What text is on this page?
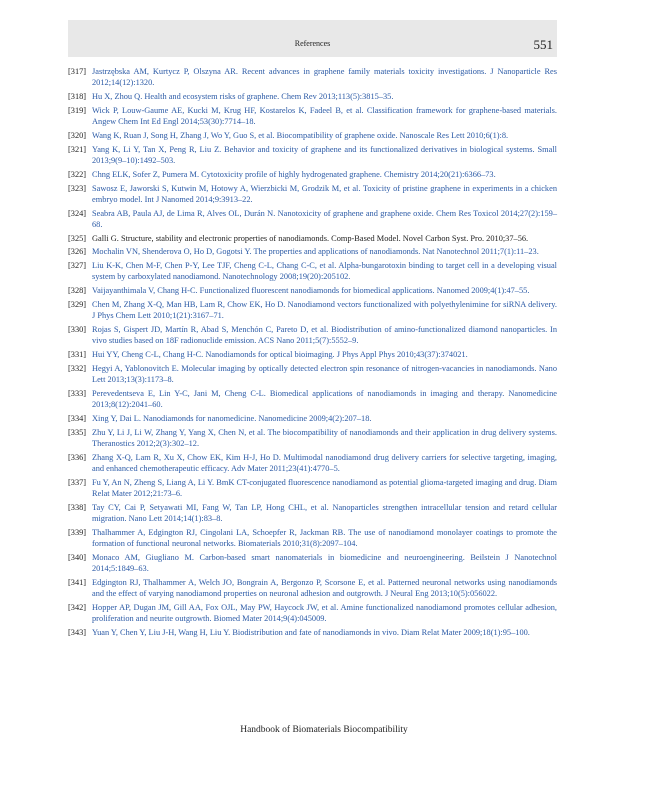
References	551
[317] Jastrzębska AM, Kurtycz P, Olszyna AR. Recent advances in graphene family materials toxicity investigations. J Nanoparticle Res 2012;14(12):1320.
[318] Hu X, Zhou Q. Health and ecosystem risks of graphene. Chem Rev 2013;113(5):3815–35.
[319] Wick P, Louw-Gaume AE, Kucki M, Krug HF, Kostarelos K, Fadeel B, et al. Classification framework for graphene-based materials. Angew Chem Int Ed Engl 2014;53(30):7714–18.
[320] Wang K, Ruan J, Song H, Zhang J, Wo Y, Guo S, et al. Biocompatibility of graphene oxide. Nanoscale Res Lett 2010;6(1):8.
[321] Yang K, Li Y, Tan X, Peng R, Liu Z. Behavior and toxicity of graphene and its functionalized derivatives in biological systems. Small 2013;9(9–10):1492–503.
[322] Chng ELK, Sofer Z, Pumera M. Cytotoxicity profile of highly hydrogenated graphene. Chemistry 2014;20(21):6366–73.
[323] Sawosz E, Jaworski S, Kutwin M, Hotowy A, Wierzbicki M, Grodzik M, et al. Toxicity of pristine graphene in experiments in a chicken embryo model. Int J Nanomed 2014;9:3913–22.
[324] Seabra AB, Paula AJ, de Lima R, Alves OL, Durán N. Nanotoxicity of graphene and graphene oxide. Chem Res Toxicol 2014;27(2):159–68.
[325] Galli G. Structure, stability and electronic properties of nanodiamonds. Comp-Based Model. Novel Carbon Syst. Pro. 2010;37–56.
[326] Mochalin VN, Shenderova O, Ho D, Gogotsi Y. The properties and applications of nanodiamonds. Nat Nanotechnol 2011;7(1):11–23.
[327] Liu K-K, Chen M-F, Chen P-Y, Lee TJF, Cheng C-L, Chang C-C, et al. Alpha-bungarotoxin binding to target cell in a developing visual system by carboxylated nanodiamond. Nanotechnology 2008;19(20):205102.
[328] Vaijayanthimala V, Chang H-C. Functionalized fluorescent nanodiamonds for biomedical applications. Nanomed 2009;4(1):47–55.
[329] Chen M, Zhang X-Q, Man HB, Lam R, Chow EK, Ho D. Nanodiamond vectors functionalized with polyethylenimine for siRNA delivery. J Phys Chem Lett 2010;1(21):3167–71.
[330] Rojas S, Gispert JD, Martín R, Abad S, Menchón C, Pareto D, et al. Biodistribution of amino-functionalized diamond nanoparticles. In vivo studies based on 18F radionuclide emission. ACS Nano 2011;5(7):5552–9.
[331] Hui YY, Cheng C-L, Chang H-C. Nanodiamonds for optical bioimaging. J Phys Appl Phys 2010;43(37):374021.
[332] Hegyi A, Yablonovitch E. Molecular imaging by optically detected electron spin resonance of nitrogen-vacancies in nanodiamonds. Nano Lett 2013;13(3):1173–8.
[333] Perevedentseva E, Lin Y-C, Jani M, Cheng C-L. Biomedical applications of nanodiamonds in imaging and therapy. Nanomedicine 2013;8(12):2041–60.
[334] Xing Y, Dai L. Nanodiamonds for nanomedicine. Nanomedicine 2009;4(2):207–18.
[335] Zhu Y, Li J, Li W, Zhang Y, Yang X, Chen N, et al. The biocompatibility of nanodiamonds and their application in drug delivery systems. Theranostics 2012;2(3):302–12.
[336] Zhang X-Q, Lam R, Xu X, Chow EK, Kim H-J, Ho D. Multimodal nanodiamond drug delivery carriers for selective targeting, imaging, and enhanced chemotherapeutic efficacy. Adv Mater 2011;23(41):4770–5.
[337] Fu Y, An N, Zheng S, Liang A, Li Y. BmK CT-conjugated fluorescence nanodiamond as potential glioma-targeted imaging and drug. Diam Relat Mater 2012;21:73–6.
[338] Tay CY, Cai P, Setyawati MI, Fang W, Tan LP, Hong CHL, et al. Nanoparticles strengthen intracellular tension and retard cellular migration. Nano Lett 2014;14(1):83–8.
[339] Thalhammer A, Edgington RJ, Cingolani LA, Schoepfer R, Jackman RB. The use of nanodiamond monolayer coatings to promote the formation of functional neuronal networks. Biomaterials 2010;31(8):2097–104.
[340] Monaco AM, Giugliano M. Carbon-based smart nanomaterials in biomedicine and neuroengineering. Beilstein J Nanotechnol 2014;5:1849–63.
[341] Edgington RJ, Thalhammer A, Welch JO, Bongrain A, Bergonzo P, Scorsone E, et al. Patterned neuronal networks using nanodiamonds and the effect of varying nanodiamond properties on neuronal adhesion and outgrowth. J Neural Eng 2013;10(5):056022.
[342] Hopper AP, Dugan JM, Gill AA, Fox OJL, May PW, Haycock JW, et al. Amine functionalized nanodiamond promotes cellular adhesion, proliferation and neurite outgrowth. Biomed Mater 2014;9(4):045009.
[343] Yuan Y, Chen Y, Liu J-H, Wang H, Liu Y. Biodistribution and fate of nanodiamonds in vivo. Diam Relat Mater 2009;18(1):95–100.
Handbook of Biomaterials Biocompatibility
